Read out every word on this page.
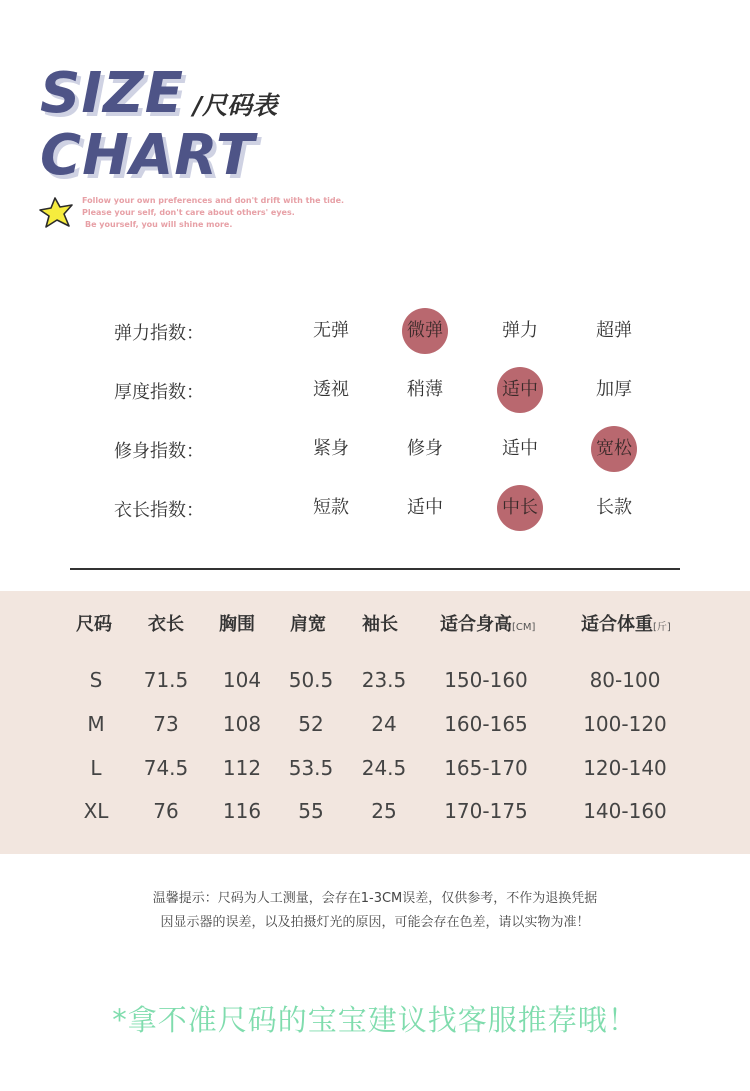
SIZE
CHART
/尺码表
Follow your own preferences and don't drift with the tide.
Please your self, don't care about others' eyes.
Be yourself, you will shine more.
弹力指数：	无弹	微弹	弹力	超弹
厚度指数：	透视	稍薄	适中	加厚
修身指数：	紧身	修身	适中	宽松
衣长指数：	短款	适中	中长	长款
尺码 衣长 胸围 肩宽 袖长 适合身高[CM]	适合体重[斤]
S	71.5	104	50.5	23.5	150-160	80-100
M	73	108	52	24	160-165	100-120
L	74.5	112	53.5	24.5	165-170	120-140
XL	76	116	55	25	170-175	140-160
温馨提示：尺码为人工测量，会存在1-3CM误差，仅供参考，不作为退换凭据
因显示器的误差，以及拍摄灯光的原因，可能会存在色差，请以实物为准！
*拿不准尺码的宝宝建议找客服推荐哦！
